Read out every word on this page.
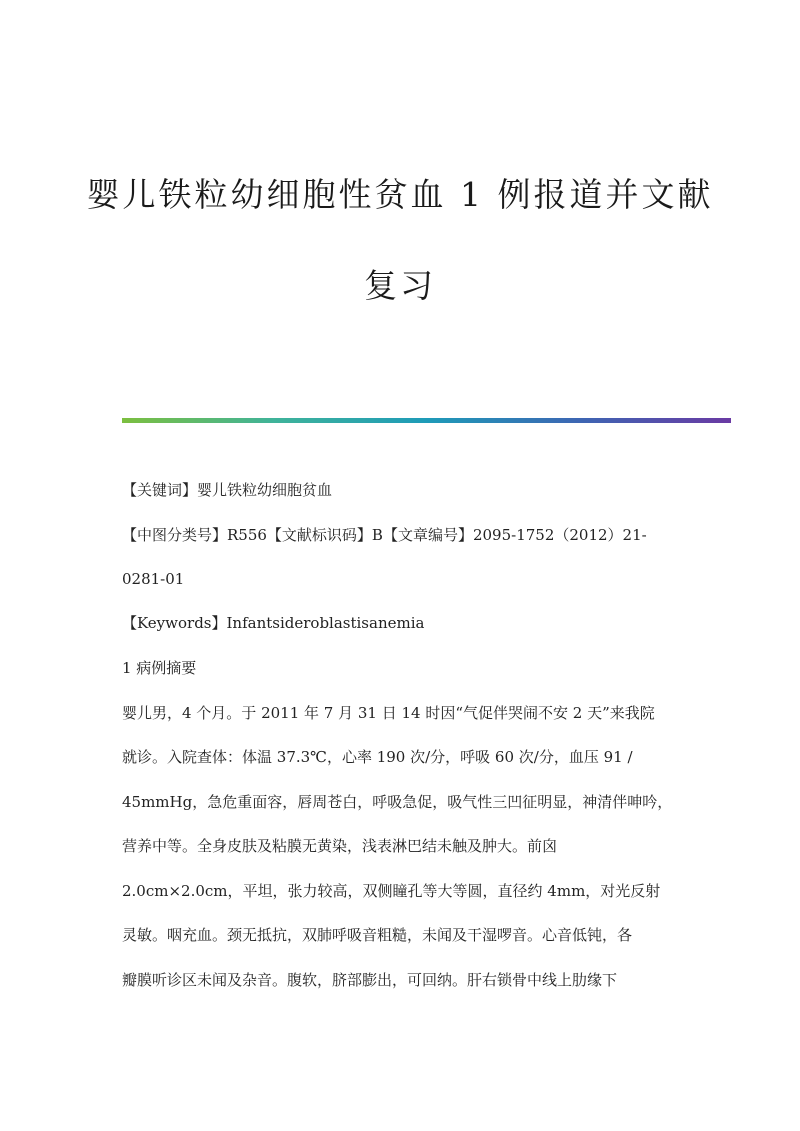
婴儿铁粒幼细胞性贫血 1 例报道并文献
复习
【关键词】婴儿铁粒幼细胞贫血
【中图分类号】R556【文献标识码】B【文章编号】2095-1752（2012）21-
0281-01
【Keywords】Infantsideroblastisanemia
1 病例摘要
婴儿男，4 个月。于 2011 年 7 月 31 日 14 时因“气促伴哭闹不安 2 天”来我院
就诊。入院查体：体温 37.3℃，心率 190 次/分，呼吸 60 次/分，血压 91 /
45mmHg，急危重面容，唇周苍白，呼吸急促，吸气性三凹征明显，神清伴呻吟，
营养中等。全身皮肤及粘膜无黄染，浅表淋巴结未触及肿大。前囟
2.0cm×2.0cm，平坦，张力较高，双侧瞳孔等大等圆，直径约 4mm，对光反射
灵敏。咽充血。颈无抵抗，双肺呼吸音粗糙，未闻及干湿啰音。心音低钝，各
瓣膜听诊区未闻及杂音。腹软，脐部膨出，可回纳。肝右锁骨中线上肋缘下
